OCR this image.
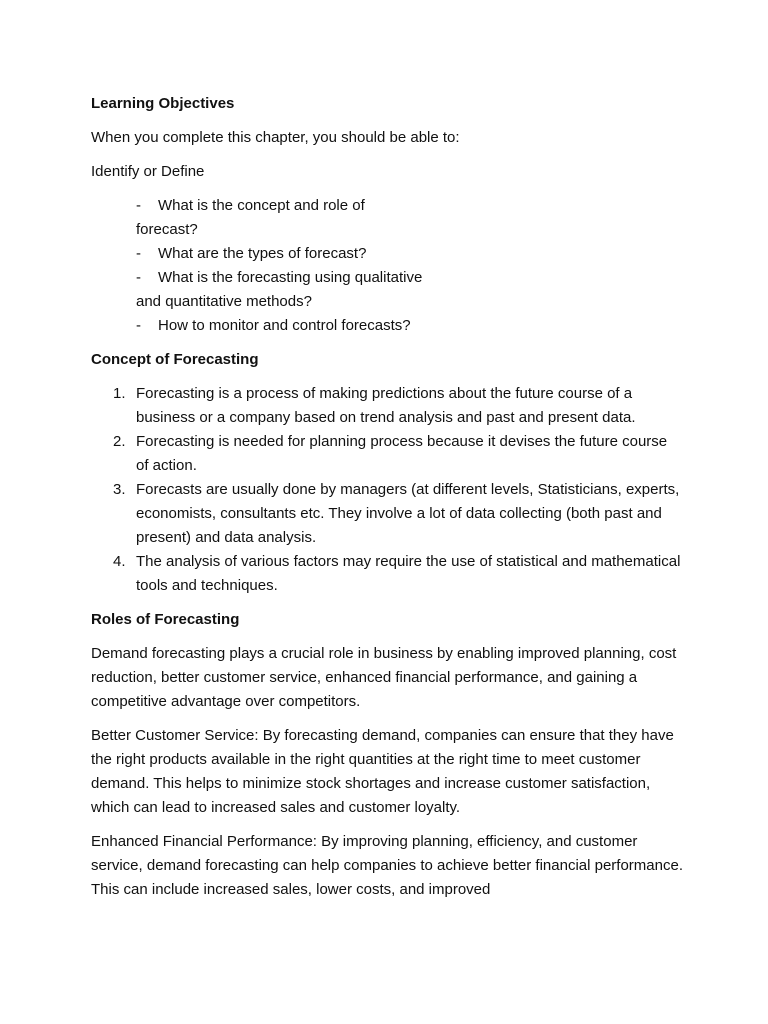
Learning Objectives
When you complete this chapter, you should be able to:
Identify or Define
- What is the concept and role of
forecast?
- What are the types of forecast?
- What is the forecasting using qualitative
and quantitative methods?
- How to monitor and control forecasts?
Concept of Forecasting
1. Forecasting is a process of making predictions about the future course of a business or a company based on trend analysis and past and present data.
2. Forecasting is needed for planning process because it devises the future course of action.
3. Forecasts are usually done by managers (at different levels, Statisticians, experts, economists, consultants etc. They involve a lot of data collecting (both past and present) and data analysis.
4. The analysis of various factors may require the use of statistical and mathematical tools and techniques.
Roles of Forecasting
Demand forecasting plays a crucial role in business by enabling improved planning, cost reduction, better customer service, enhanced financial performance, and gaining a competitive advantage over competitors.
Better Customer Service: By forecasting demand, companies can ensure that they have the right products available in the right quantities at the right time to meet customer demand. This helps to minimize stock shortages and increase customer satisfaction, which can lead to increased sales and customer loyalty.
Enhanced Financial Performance: By improving planning, efficiency, and customer service, demand forecasting can help companies to achieve better financial performance. This can include increased sales, lower costs, and improved
